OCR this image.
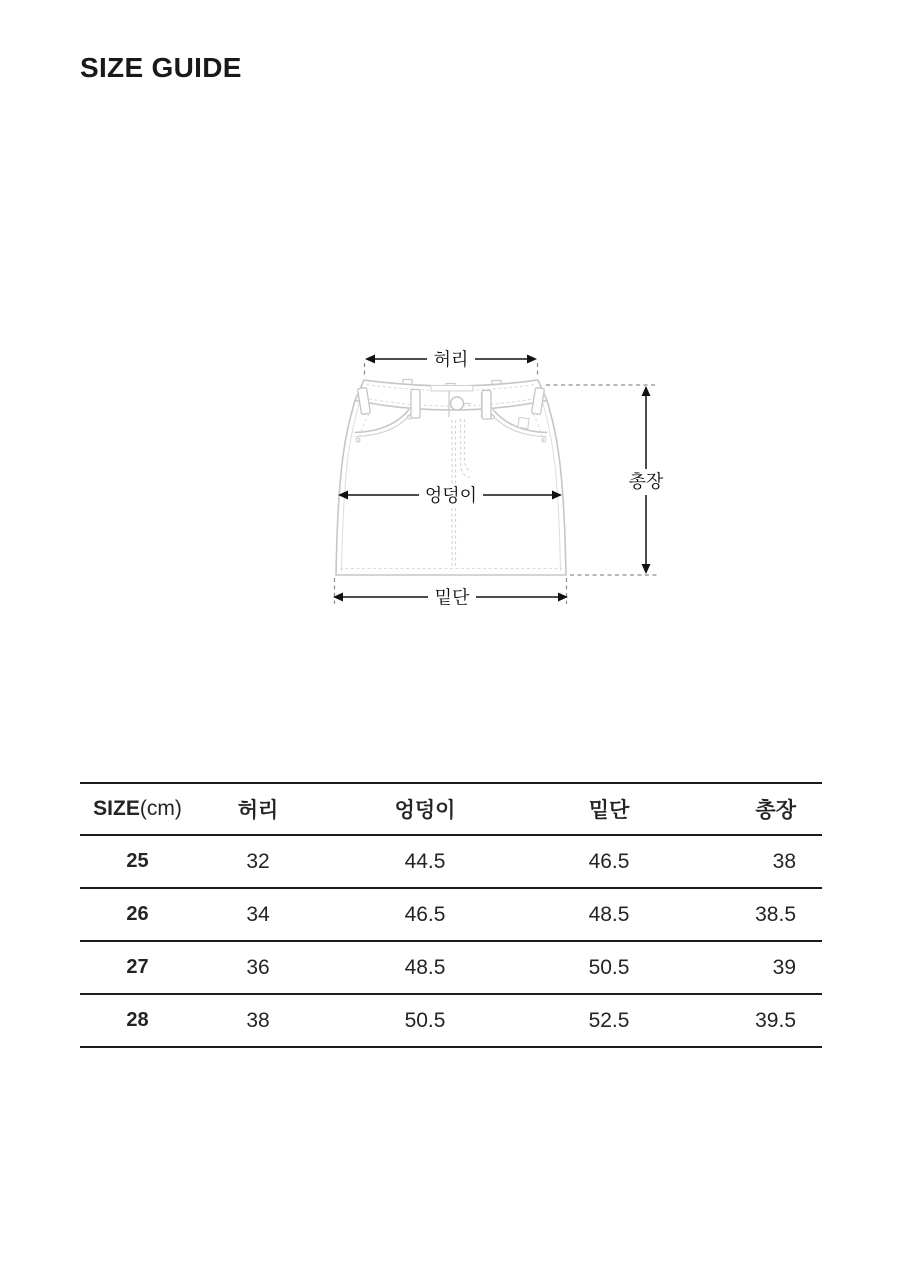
SIZE GUIDE
허리
엉덩이
밑단
총장
SIZE(cm)	허리	엉덩이	밑단	총장
25	32	44.5	46.5	38
26	34	46.5	48.5	38.5
27	36	48.5	50.5	39
28	38	50.5	52.5	39.5
